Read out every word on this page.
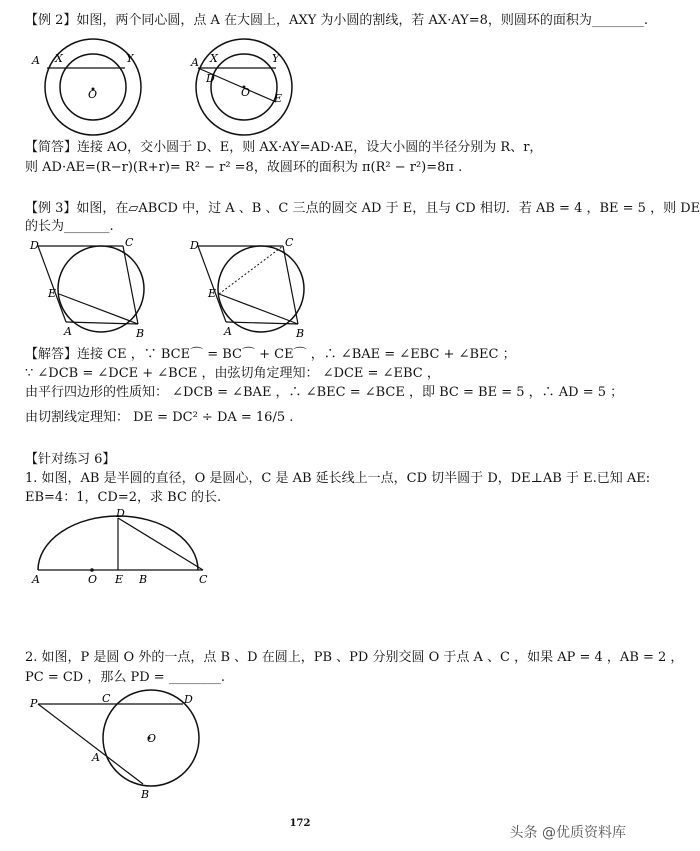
【例 2】如图，两个同心圆，点 A 在大圆上，AXY 为小圆的割线，若 AX·AY=8，则圆环的面积为________.
A X	Y
O
A X	Y
D
O E
【简答】连接 AO，交小圆于 D、E，则 AX·AY=AD·AE，设大小圆的半径分别为 R、r，
则 AD·AE=(R−r)(R+r)= R² − r² =8，故圆环的面积为 π(R² − r²)=8π .
【例 3】如图，在▱ABCD 中，过 A 、B 、C 三点的圆交 AD 于 E，且与 CD 相切．若 AB = 4 ，BE = 5 ，则 DE
的长为_______.
D	C
E
A	B
D	C
E
A	B
【解答】连接 CE ，∵ BCE⌒ = BC⌒ + CE⌒ ，∴ ∠BAE = ∠EBC + ∠BEC ；
∵ ∠DCB = ∠DCE + ∠BCE ，由弦切角定理知： ∠DCE = ∠EBC ，
由平行四边形的性质知： ∠DCB = ∠BAE ，∴ ∠BEC = ∠BCE ，即 BC = BE = 5 ，∴ AD = 5 ；
由切割线定理知： DE = DC² ÷ DA = 16/5 .
【针对练习 6】
1. 如图，AB 是半圆的直径，O 是圆心，C 是 AB 延长线上一点，CD 切半圆于 D，DE⊥AB 于 E.已知 AE:
EB=4：1，CD=2，求 BC 的长.
D
A	O E B	C
2. 如图，P 是圆 O 外的一点，点 B 、D 在圆上，PB 、PD 分别交圆 O 于点 A 、C ，如果 AP = 4 ，AB = 2 ，
PC = CD ，那么 PD = ________.
P	C	D
O
A
B
172
头条 @优质资料库
